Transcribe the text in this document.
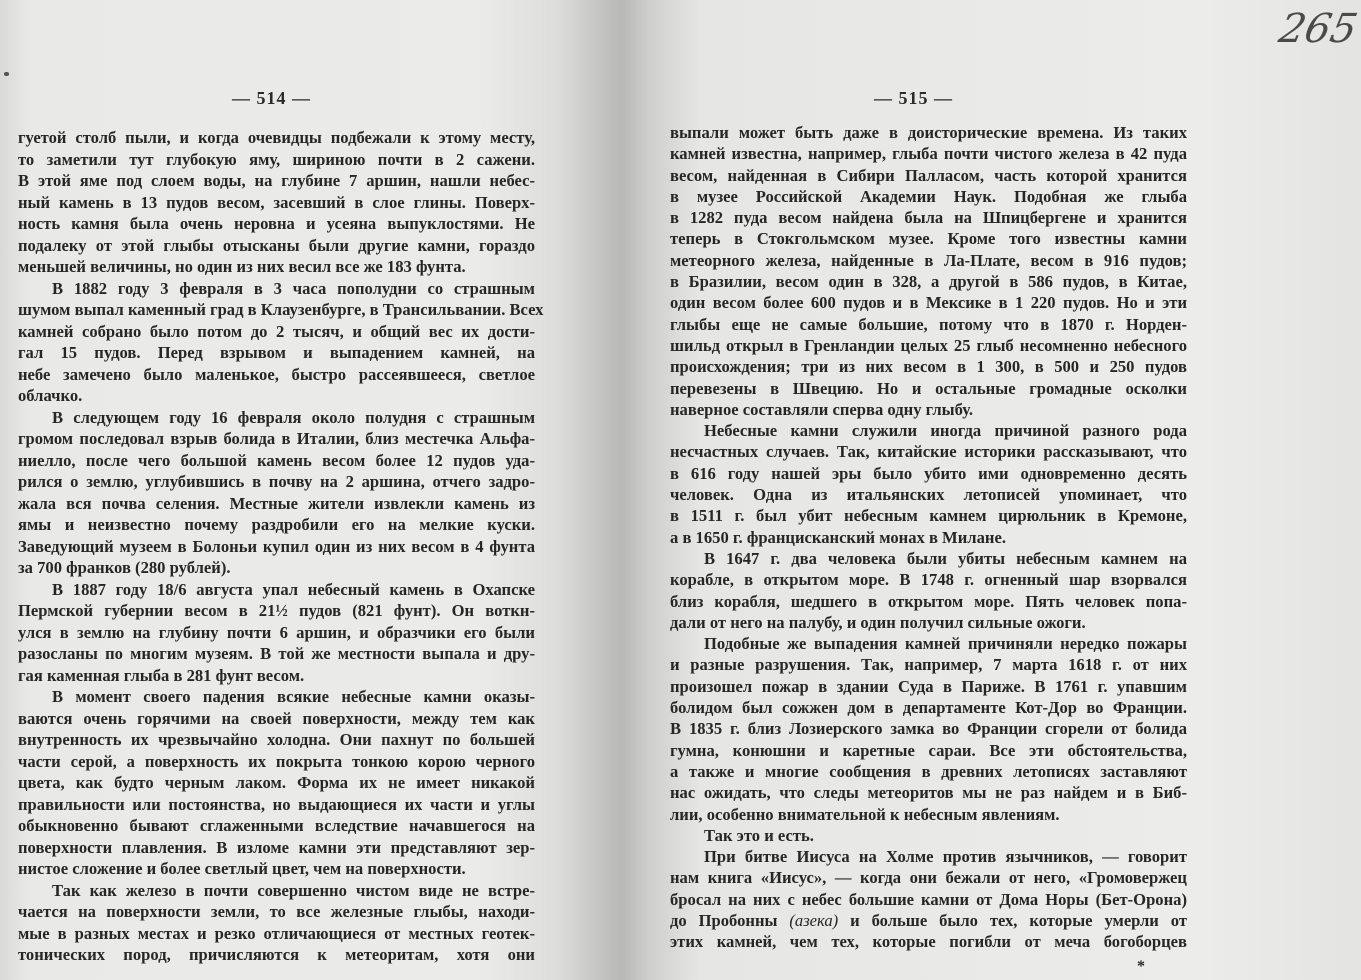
265
— 514 —	— 515 —
гуетой столб пыли, и когда очевидцы подбежали к этому месту,
то заметили тут глубокую яму, шириною почти в 2 сажени.
В этой яме под слоем воды, на глубине 7 аршин, нашли небес-
ный камень в 13 пудов весом, засевший в слое глины. Поверх-
ность камня была очень неровна и усеяна выпуклостями. Не
подалеку от этой глыбы отысканы были другие камни, гораздо
меньшей величины, но один из них весил все же 183 фунта.
В 1882 году 3 февраля в 3 часа пополудни со страшным
шумом выпал каменный град в Клаузенбурге, в Трансильвании. Всех
камней собрано было потом до 2 тысяч, и общий вес их дости-
гал 15 пудов. Перед взрывом и выпадением камней, на
небе замечено было маленькое, быстро рассеявшееся, светлое
облачко.
В следующем году 16 февраля около полудня с страшным
громом последовал взрыв болида в Италии, близ местечка Альфа-
ниелло, после чего большой камень весом более 12 пудов уда-
рился о землю, углубившись в почву на 2 аршина, отчего задро-
жала вся почва селения. Местные жители извлекли камень из
ямы и неизвестно почему раздробили его на мелкие куски.
Заведующий музеем в Болоньи купил один из них весом в 4 фунта
за 700 франков (280 рублей).
В 1887 году 18/6 августа упал небесный камень в Охапске
Пермской губернии весом в 21½ пудов (821 фунт). Он воткн-
улся в землю на глубину почти 6 аршин, и образчики его были
разосланы по многим музеям. В той же местности выпала и дру-
гая каменная глыба в 281 фунт весом.
В момент своего падения всякие небесные камни оказы-
ваются очень горячими на своей поверхности, между тем как
внутренность их чрезвычайно холодна. Они пахнут по большей
части серой, а поверхность их покрыта тонкою корою черного
цвета, как будто черным лаком. Форма их не имеет никакой
правильности или постоянства, но выдающиеся их части и углы
обыкновенно бывают сглаженными вследствие начавшегося на
поверхности плавления. В изломе камни эти представляют зер-
нистое сложение и более светлый цвет, чем на поверхности.
Так как железо в почти совершенно чистом виде не встре-
чается на поверхности земли, то все железные глыбы, находи-
мые в разных местах и резко отличающиеся от местных геотек-
тонических пород, причисляются к метеоритам, хотя они
выпали может быть даже в доисторические времена. Из таких
камней известна, например, глыба почти чистого железа в 42 пуда
весом, найденная в Сибири Палласом, часть которой хранится
в музее Российской Академии Наук. Подобная же глыба
в 1282 пуда весом найдена была на Шпицбергене и хранится
теперь в Стокгольмском музее. Кроме того известны камни
метеорного железа, найденные в Ла-Плате, весом в 916 пудов;
в Бразилии, весом один в 328, а другой в 586 пудов, в Китае,
один весом более 600 пудов и в Мексике в 1 220 пудов. Но и эти
глыбы еще не самые большие, потому что в 1870 г. Норден-
шильд открыл в Гренландии целых 25 глыб несомненно небесного
происхождения; три из них весом в 1 300, в 500 и 250 пудов
перевезены в Швецию. Но и остальные громадные осколки
наверное составляли сперва одну глыбу.
Небесные камни служили иногда причиной разного рода
несчастных случаев. Так, китайские историки рассказывают, что
в 616 году нашей эры было убито ими одновременно десять
человек. Одна из итальянских летописей упоминает, что
в 1511 г. был убит небесным камнем цирюльник в Кремоне,
а в 1650 г. францисканский монах в Милане.
В 1647 г. два человека были убиты небесным камнем на
корабле, в открытом море. В 1748 г. огненный шар взорвался
близ корабля, шедшего в открытом море. Пять человек попа-
дали от него на палубу, и один получил сильные ожоги.
Подобные же выпадения камней причиняли нередко пожары
и разные разрушения. Так, например, 7 марта 1618 г. от них
произошел пожар в здании Суда в Париже. В 1761 г. упавшим
болидом был сожжен дом в департаменте Кот-Дор во Франции.
В 1835 г. близ Лозиерского замка во Франции сгорели от болида
гумна, конюшни и каретные сараи. Все эти обстоятельства,
а также и многие сообщения в древних летописях заставляют
нас ожидать, что следы метеоритов мы не раз найдем и в Биб-
лии, особенно внимательной к небесным явлениям.
Так это и есть.
При битве Иисуса на Холме против язычников, — говорит
нам книга «Иисус», — когда они бежали от него, «Громовержец
бросал на них с небес большие камни от Дома Норы (Бет-Орона)
до Пробонны (азека) и больше было тех, которые умерли от
этих камней, чем тех, которые погибли от меча богоборцев
*
